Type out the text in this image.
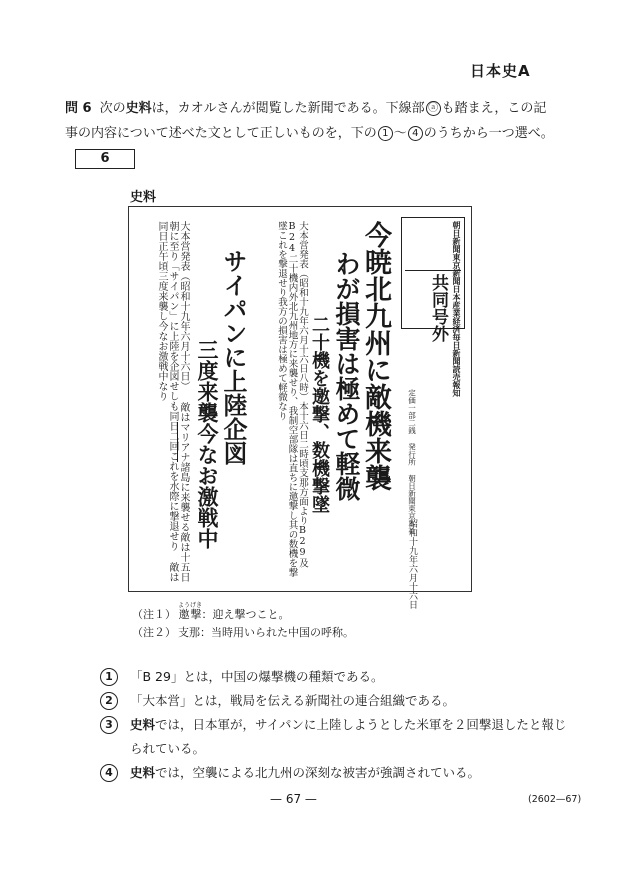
日本史A
問 6 次の史料は，カオルさんが閲覧した新聞である。下線部 ⓐ も踏まえ，この記事の内容について述べた文として正しいものを，下の 1 ～ 4 のうちから一つ選べ。6
史料
朝日新聞東京新聞日本産業経済毎日新聞読売報知
共同号外
定価一部二銭 発行所 朝日新聞東京本社
昭和十九年六月十六日
今暁北九州に敵機来襲
わが損害は極めて軽微
二十機を邀撃、数機撃墜
大本営発表（昭和十九年六月十六日八時）本十六日二時頃支那方面よりB29及B24二十機内外北九州地方に来襲せり、我制空部隊は直ちに邀撃し其の数機を撃墜これを撃退せり我方の損害は極めて軽微なり
サイパンに上陸企図
三度来襲今なお激戦中
大本営発表（昭和十九年六月十六日） 敵はマリアナ諸島に来襲せる敵は十五日朝に至り「サイパン」に上陸を企図せしも同日二回これを水際に撃退せり 敵は同日正午頃三度来襲し今なお激戦中なり
（注１） 邀撃ようげき：迎え撃つこと。
（注２） 支那：当時用いられた中国の呼称。
1	「B 29」とは，中国の爆撃機の種類である。
2	「大本営」とは，戦局を伝える新聞社の連合組織である。
3	史料では，日本軍が，サイパンに上陸しようとした米軍を２回撃退したと報じられている。
4	史料では，空襲による北九州の深刻な被害が強調されている。
— 67 —	(2602—67)
